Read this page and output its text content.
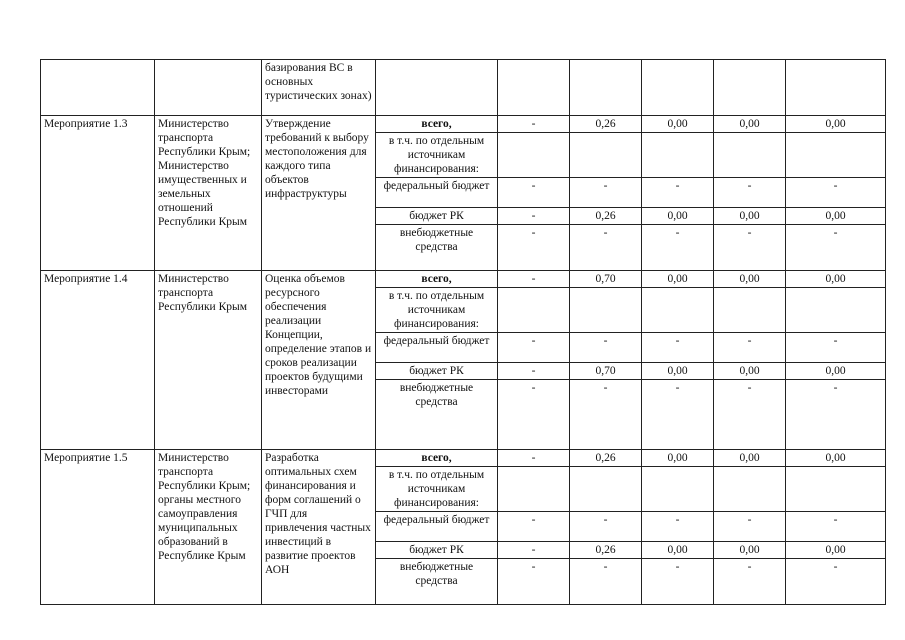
		базирования ВС в основных туристических зонах)						
Мероприятие 1.3	Министерство транспорта Республики Крым; Министерство имущественных и земельных отношений Республики Крым	Утверждение требований к выбору местоположения для каждого типа объектов инфраструктуры	всего,	-	0,26	0,00	0,00	0,00
			в т.ч. по отдельным источникам финансирования:					
			федеральный бюджет	-	-	-	-	-
			бюджет РК	-	0,26	0,00	0,00	0,00
			внебюджетные средства	-	-	-	-	-
Мероприятие 1.4	Министерство транспорта Республики Крым	Оценка объемов ресурсного обеспечения реализации Концепции, определение этапов и сроков реализации проектов будущими инвесторами	всего,	-	0,70	0,00	0,00	0,00
			в т.ч. по отдельным источникам финансирования:					
			федеральный бюджет	-	-	-	-	-
			бюджет РК	-	0,70	0,00	0,00	0,00
			внебюджетные средства	-	-	-	-	-
Мероприятие 1.5	Министерство транспорта Республики Крым; органы местного самоуправления муниципальных образований в Республике Крым	Разработка оптимальных схем финансирования и форм соглашений о ГЧП для привлечения частных инвестиций в развитие проектов АОН	всего,	-	0,26	0,00	0,00	0,00
			в т.ч. по отдельным источникам финансирования:					
			федеральный бюджет	-	-	-	-	-
			бюджет РК	-	0,26	0,00	0,00	0,00
			внебюджетные средства	-	-	-	-	-
